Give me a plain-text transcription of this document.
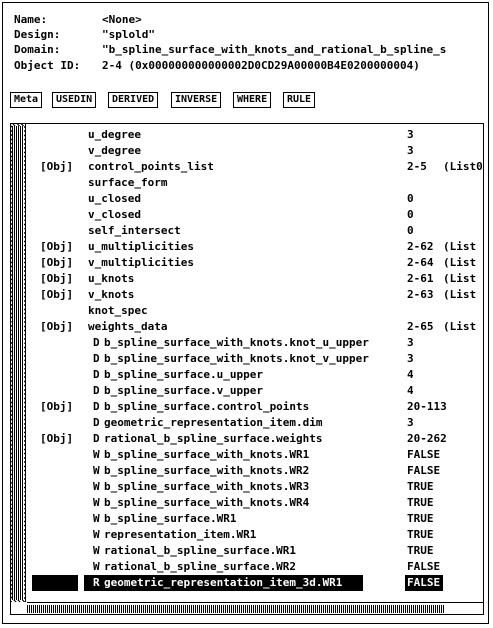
Name:	<None>
Design:	"splold"
Domain:	"b_spline_surface_with_knots_and_rational_b_spline_s
Object ID: 2-4 (0x000000000000002D0CD29A00000B4E0200000004)
Meta	USEDIN	DERIVED	INVERSE	WHERE	RULE
u_degree	3
v_degree	3
[Obj] control_points_list	2-5 (List0
surface_form
u_closed	0
v_closed	0
self_intersect	0
[Obj] u_multiplicities	2-62 (List
[Obj] v_multiplicities	2-64 (List
[Obj] u_knots	2-61 (List
[Obj] v_knots	2-63 (List
knot_spec
[Obj] weights_data	2-65 (List
D b_spline_surface_with_knots.knot_u_upper	3
D b_spline_surface_with_knots.knot_v_upper	3
D b_spline_surface.u_upper	4
D b_spline_surface.v_upper	4
[Obj] D b_spline_surface.control_points	20-113
D geometric_representation_item.dim	3
[Obj] D rational_b_spline_surface.weights	20-262
W b_spline_surface_with_knots.WR1	FALSE
W b_spline_surface_with_knots.WR2	FALSE
W b_spline_surface_with_knots.WR3	TRUE
W b_spline_surface_with_knots.WR4	TRUE
W b_spline_surface.WR1	TRUE
W representation_item.WR1	TRUE
W rational_b_spline_surface.WR1	TRUE
W rational_b_spline_surface.WR2	FALSE
R geometric_representation_item_3d.WR1	FALSE
